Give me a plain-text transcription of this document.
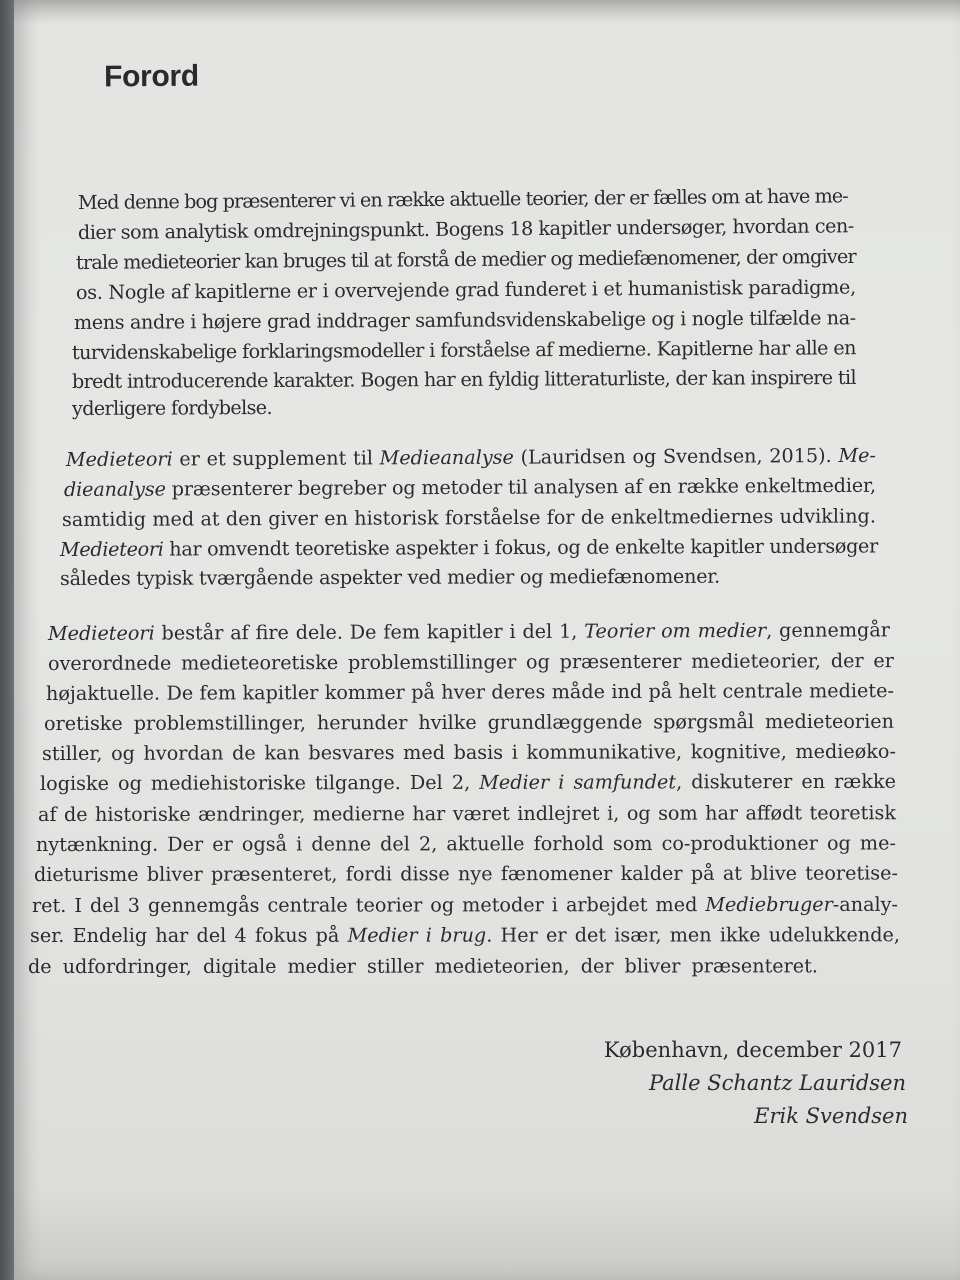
Forord
Med denne bog præsenterer vi en række aktuelle teorier, der er fælles om at have me-
dier som analytisk omdrejningspunkt. Bogens 18 kapitler undersøger, hvordan cen-
trale medieteorier kan bruges til at forstå de medier og mediefænomener, der omgiver
os. Nogle af kapitlerne er i overvejende grad funderet i et humanistisk paradigme,
mens andre i højere grad inddrager samfundsvidenskabelige og i nogle tilfælde na-
turvidenskabelige forklaringsmodeller i forståelse af medierne. Kapitlerne har alle en
bredt introducerende karakter. Bogen har en fyldig litteraturliste, der kan inspirere til
yderligere fordybelse.
Medieteori er et supplement til Medieanalyse (Lauridsen og Svendsen, 2015). Me-
dieanalyse præsenterer begreber og metoder til analysen af en række enkeltmedier,
samtidig med at den giver en historisk forståelse for de enkeltmediernes udvikling.
Medieteori har omvendt teoretiske aspekter i fokus, og de enkelte kapitler undersøger
således typisk tværgående aspekter ved medier og mediefænomener.
Medieteori består af fire dele. De fem kapitler i del 1, Teorier om medier, gennemgår
overordnede medieteoretiske problemstillinger og præsenterer medieteorier, der er
højaktuelle. De fem kapitler kommer på hver deres måde ind på helt centrale mediete-
oretiske problemstillinger, herunder hvilke grundlæggende spørgsmål medieteorien
stiller, og hvordan de kan besvares med basis i kommunikative, kognitive, medieøko-
logiske og mediehistoriske tilgange. Del 2, Medier i samfundet, diskuterer en række
af de historiske ændringer, medierne har været indlejret i, og som har affødt teoretisk
nytænkning. Der er også i denne del 2, aktuelle forhold som co-produktioner og me-
dieturisme bliver præsenteret, fordi disse nye fænomener kalder på at blive teoretise-
ret. I del 3 gennemgås centrale teorier og metoder i arbejdet med Mediebruger-analy-
ser. Endelig har del 4 fokus på Medier i brug. Her er det især, men ikke udelukkende,
de udfordringer, digitale medier stiller medieteorien, der bliver præsenteret.
København, december 2017
Palle Schantz Lauridsen
Erik Svendsen
